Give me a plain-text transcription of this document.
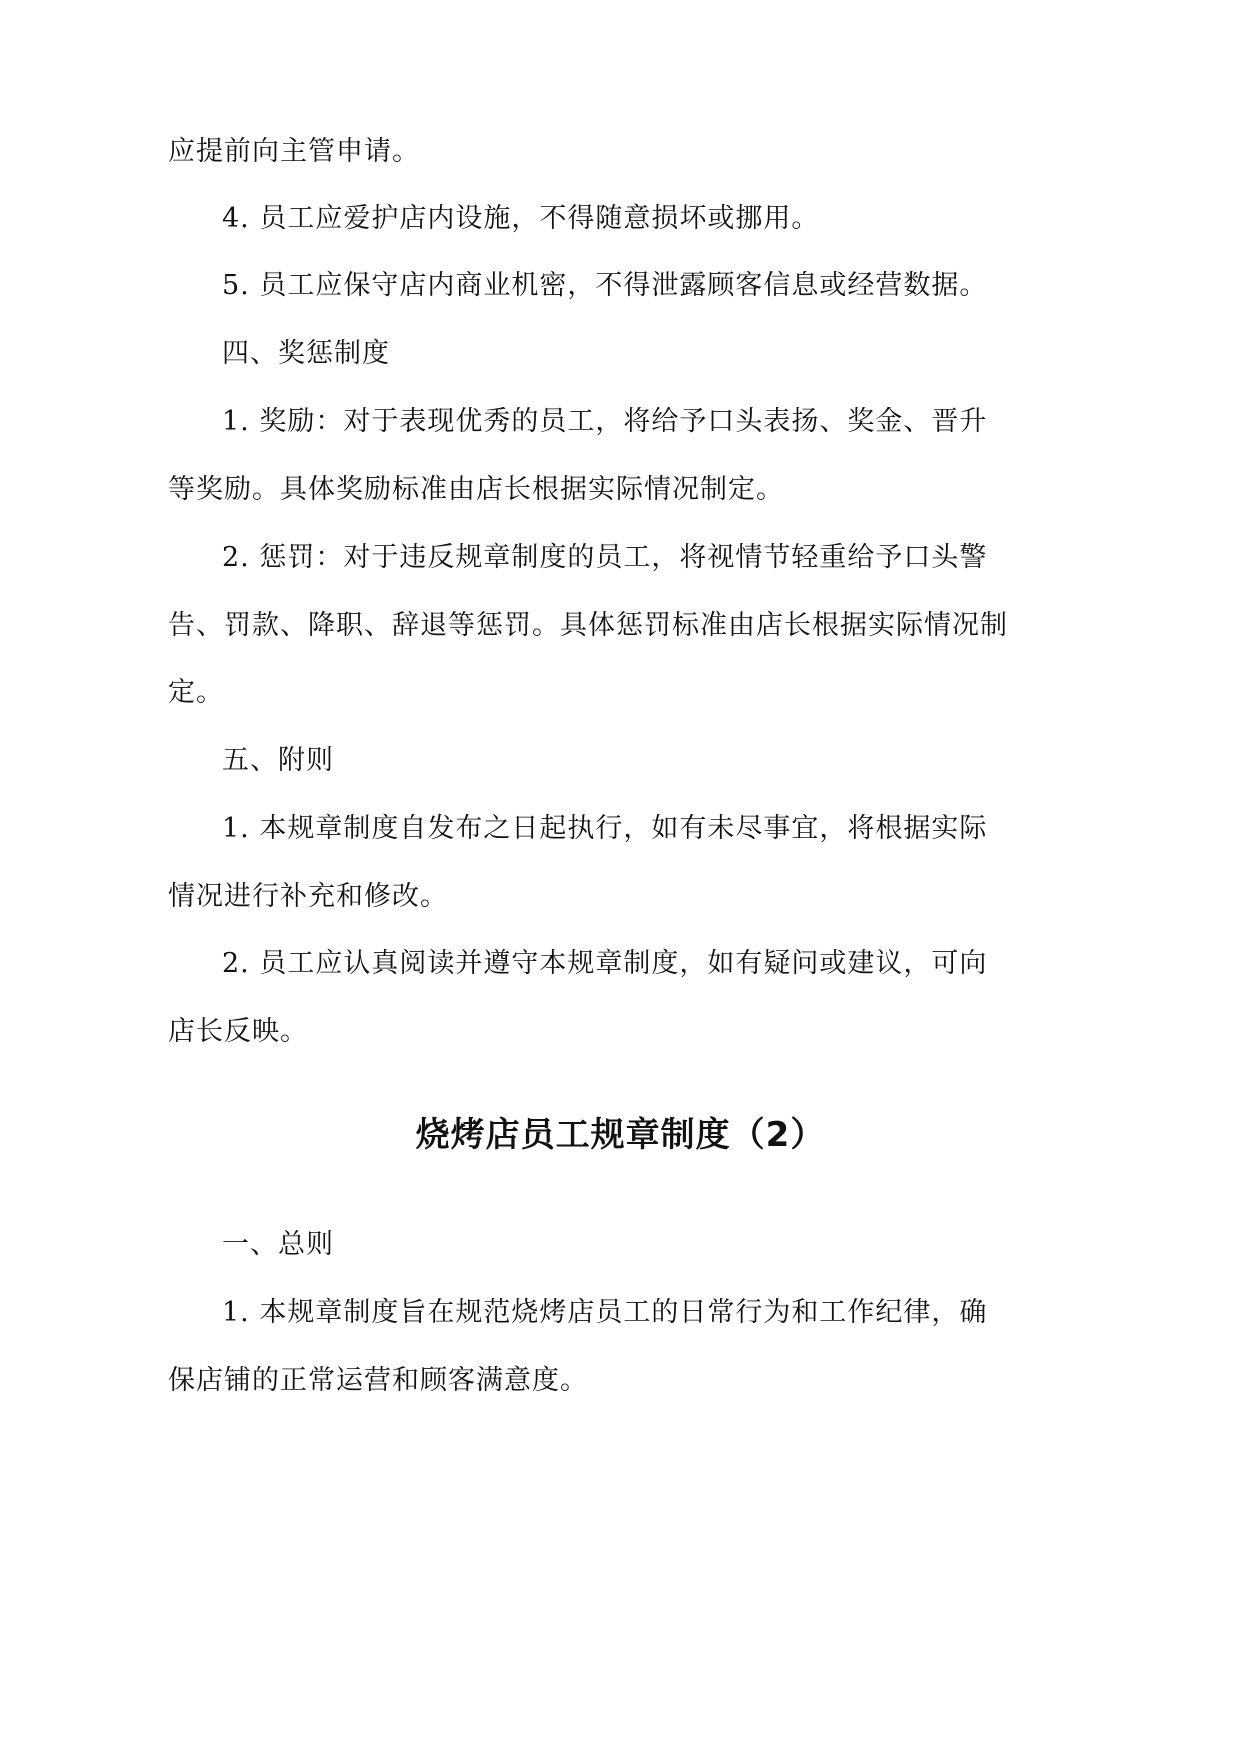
应提前向主管申请。
4. 员工应爱护店内设施，不得随意损坏或挪用。
5. 员工应保守店内商业机密，不得泄露顾客信息或经营数据。
四、奖惩制度
1. 奖励：对于表现优秀的员工，将给予口头表扬、奖金、晋升
等奖励。具体奖励标准由店长根据实际情况制定。
2. 惩罚：对于违反规章制度的员工，将视情节轻重给予口头警
告、罚款、降职、辞退等惩罚。具体惩罚标准由店长根据实际情况制
定。
五、附则
1. 本规章制度自发布之日起执行，如有未尽事宜，将根据实际
情况进行补充和修改。
2. 员工应认真阅读并遵守本规章制度，如有疑问或建议，可向
店长反映。
烧烤店员工规章制度（2）
一、总则
1. 本规章制度旨在规范烧烤店员工的日常行为和工作纪律，确
保店铺的正常运营和顾客满意度。
